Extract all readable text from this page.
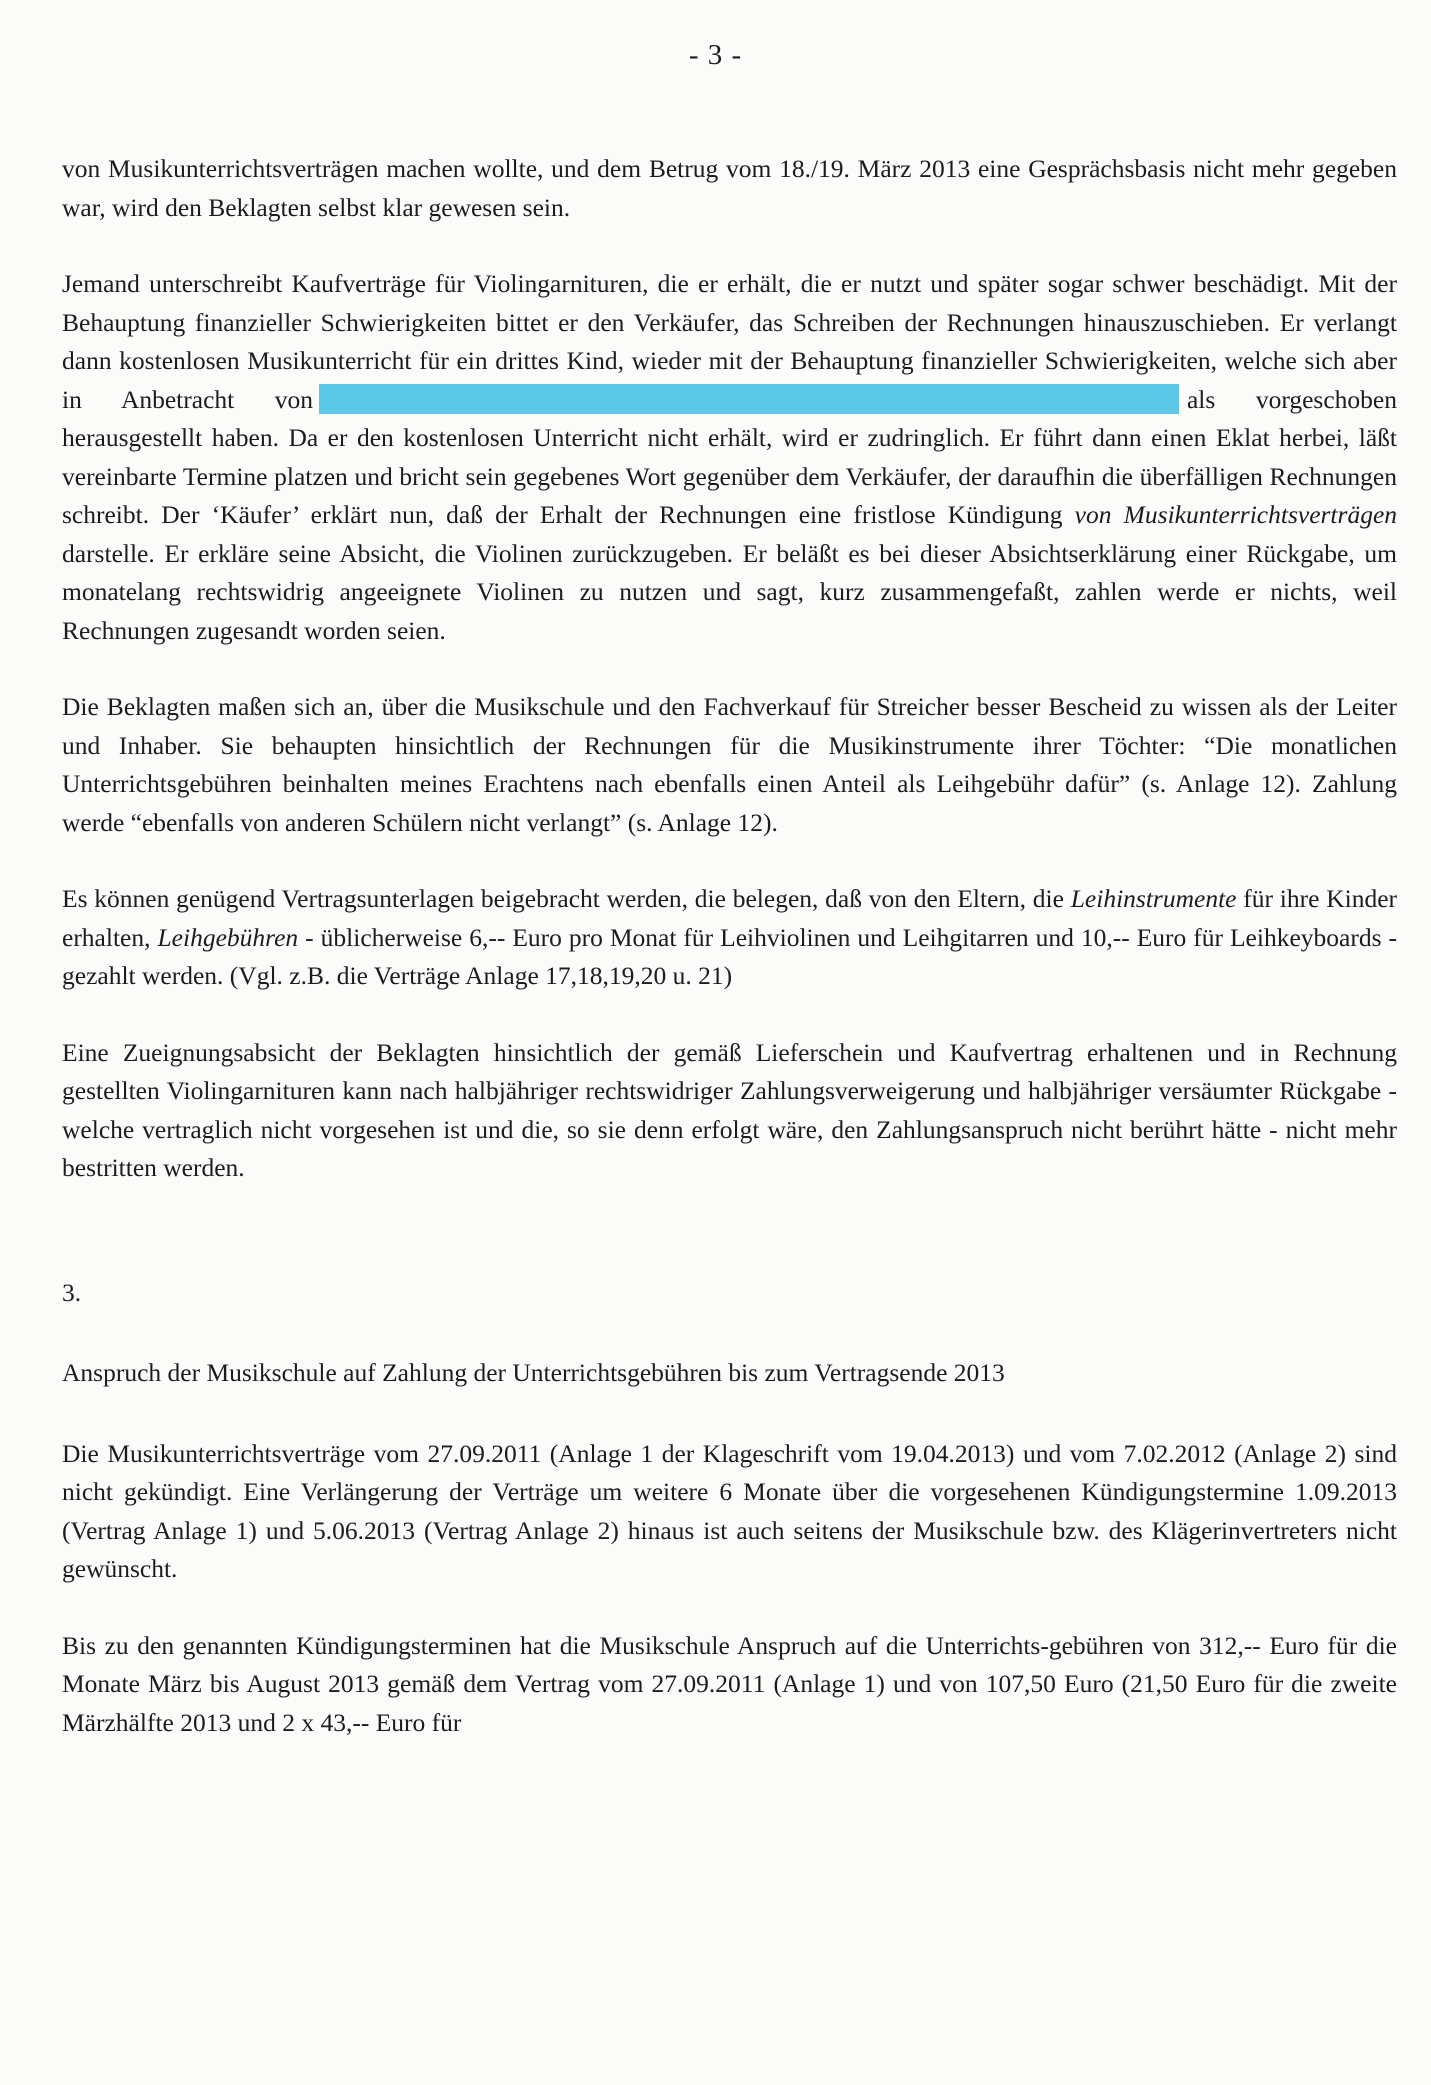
- 3 -

von Musikunterrichtsverträgen machen wollte, und dem Betrug vom 18./19. März 2013 eine Gesprächsbasis nicht mehr gegeben war, wird den Beklagten selbst klar gewesen sein.

Jemand unterschreibt Kaufverträge für Violingarnituren, die er erhält, die er nutzt und später sogar schwer beschädigt. Mit der Behauptung finanzieller Schwierigkeiten bittet er den Verkäufer, das Schreiben der Rechnungen hinauszuschieben. Er verlangt dann kostenlosen Musikunterricht für ein drittes Kind, wieder mit der Behauptung finanzieller Schwierigkeiten, welche sich aber in Anbetracht von	als vorgeschoben herausgestellt haben. Da er den kostenlosen Unterricht nicht erhält, wird er zudringlich. Er führt dann einen Eklat herbei, läßt vereinbarte Termine platzen und bricht sein gegebenes Wort gegenüber dem Verkäufer, der daraufhin die überfälligen Rechnungen schreibt. Der ‘Käufer’ erklärt nun, daß der Erhalt der Rechnungen eine fristlose Kündigung von Musikunterrichtsverträgen darstelle. Er erkläre seine Absicht, die Violinen zurückzugeben. Er beläßt es bei dieser Absichtserklärung einer Rückgabe, um monatelang rechtswidrig angeeignete Violinen zu nutzen und sagt, kurz zusammengefaßt, zahlen werde er nichts, weil Rechnungen zugesandt worden seien.

Die Beklagten maßen sich an, über die Musikschule und den Fachverkauf für Streicher besser Bescheid zu wissen als der Leiter und Inhaber. Sie behaupten hinsichtlich der Rechnungen für die Musikinstrumente ihrer Töchter: “Die monatlichen Unterrichtsgebühren beinhalten meines Erachtens nach ebenfalls einen Anteil als Leihgebühr dafür” (s. Anlage 12). Zahlung werde “ebenfalls von anderen Schülern nicht verlangt” (s. Anlage 12).

Es können genügend Vertragsunterlagen beigebracht werden, die belegen, daß von den Eltern, die Leihinstrumente für ihre Kinder erhalten, Leihgebühren - üblicherweise 6,-- Euro pro Monat für Leihviolinen und Leihgitarren und 10,-- Euro für Leihkeyboards - gezahlt werden. (Vgl. z.B. die Verträge Anlage 17,18,19,20 u. 21)

Eine Zueignungsabsicht der Beklagten hinsichtlich der gemäß Lieferschein und Kaufvertrag erhaltenen und in Rechnung gestellten Violingarnituren kann nach halbjähriger rechtswidriger Zahlungsverweigerung und halbjähriger versäumter Rückgabe - welche vertraglich nicht vorgesehen ist und die, so sie denn erfolgt wäre, den Zahlungsanspruch nicht berührt hätte - nicht mehr bestritten werden.

3.

Anspruch der Musikschule auf Zahlung der Unterrichtsgebühren bis zum Vertragsende 2013

Die Musikunterrichtsverträge vom 27.09.2011 (Anlage 1 der Klageschrift vom 19.04.2013) und vom 7.02.2012 (Anlage 2) sind nicht gekündigt. Eine Verlängerung der Verträge um weitere 6 Monate über die vorgesehenen Kündigungstermine 1.09.2013 (Vertrag Anlage 1) und 5.06.2013 (Vertrag Anlage 2) hinaus ist auch seitens der Musikschule bzw. des Klägerinvertreters nicht gewünscht.

Bis zu den genannten Kündigungsterminen hat die Musikschule Anspruch auf die Unterrichts-gebühren von 312,-- Euro für die Monate März bis August 2013 gemäß dem Vertrag vom 27.09.2011 (Anlage 1) und von 107,50 Euro (21,50 Euro für die zweite Märzhälfte 2013 und 2 x 43,-- Euro für
